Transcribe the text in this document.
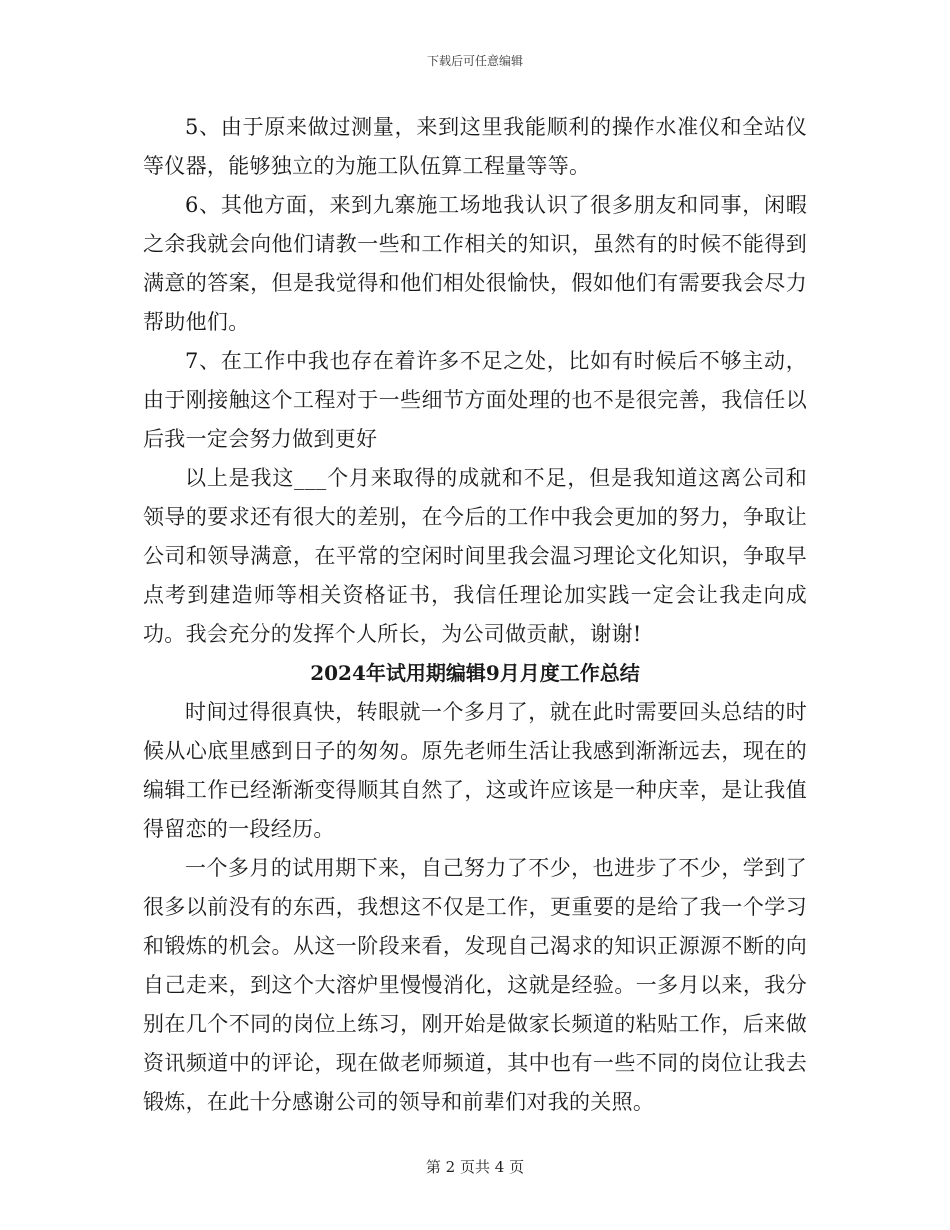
下载后可任意编辑

5、由于原来做过测量，来到这里我能顺利的操作水准仪和全站仪等仪器，能够独立的为施工队伍算工程量等等。

6、其他方面，来到九寨施工场地我认识了很多朋友和同事，闲暇之余我就会向他们请教一些和工作相关的知识，虽然有的时候不能得到满意的答案，但是我觉得和他们相处很愉快，假如他们有需要我会尽力帮助他们。

7、在工作中我也存在着许多不足之处，比如有时候后不够主动，由于刚接触这个工程对于一些细节方面处理的也不是很完善，我信任以后我一定会努力做到更好

以上是我这___个月来取得的成就和不足，但是我知道这离公司和领导的要求还有很大的差别，在今后的工作中我会更加的努力，争取让公司和领导满意，在平常的空闲时间里我会温习理论文化知识，争取早点考到建造师等相关资格证书，我信任理论加实践一定会让我走向成功。我会充分的发挥个人所长，为公司做贡献，谢谢!

2024年试用期编辑9月月度工作总结

时间过得很真快，转眼就一个多月了，就在此时需要回头总结的时候从心底里感到日子的匆匆。原先老师生活让我感到渐渐远去，现在的编辑工作已经渐渐变得顺其自然了，这或许应该是一种庆幸，是让我值得留恋的一段经历。

一个多月的试用期下来，自己努力了不少，也进步了不少，学到了很多以前没有的东西，我想这不仅是工作，更重要的是给了我一个学习和锻炼的机会。从这一阶段来看，发现自己渴求的知识正源源不断的向自己走来，到这个大溶炉里慢慢消化，这就是经验。一多月以来，我分别在几个不同的岗位上练习，刚开始是做家长频道的粘贴工作，后来做资讯频道中的评论，现在做老师频道，其中也有一些不同的岗位让我去锻炼，在此十分感谢公司的领导和前辈们对我的关照。

第 2 页共 4 页
